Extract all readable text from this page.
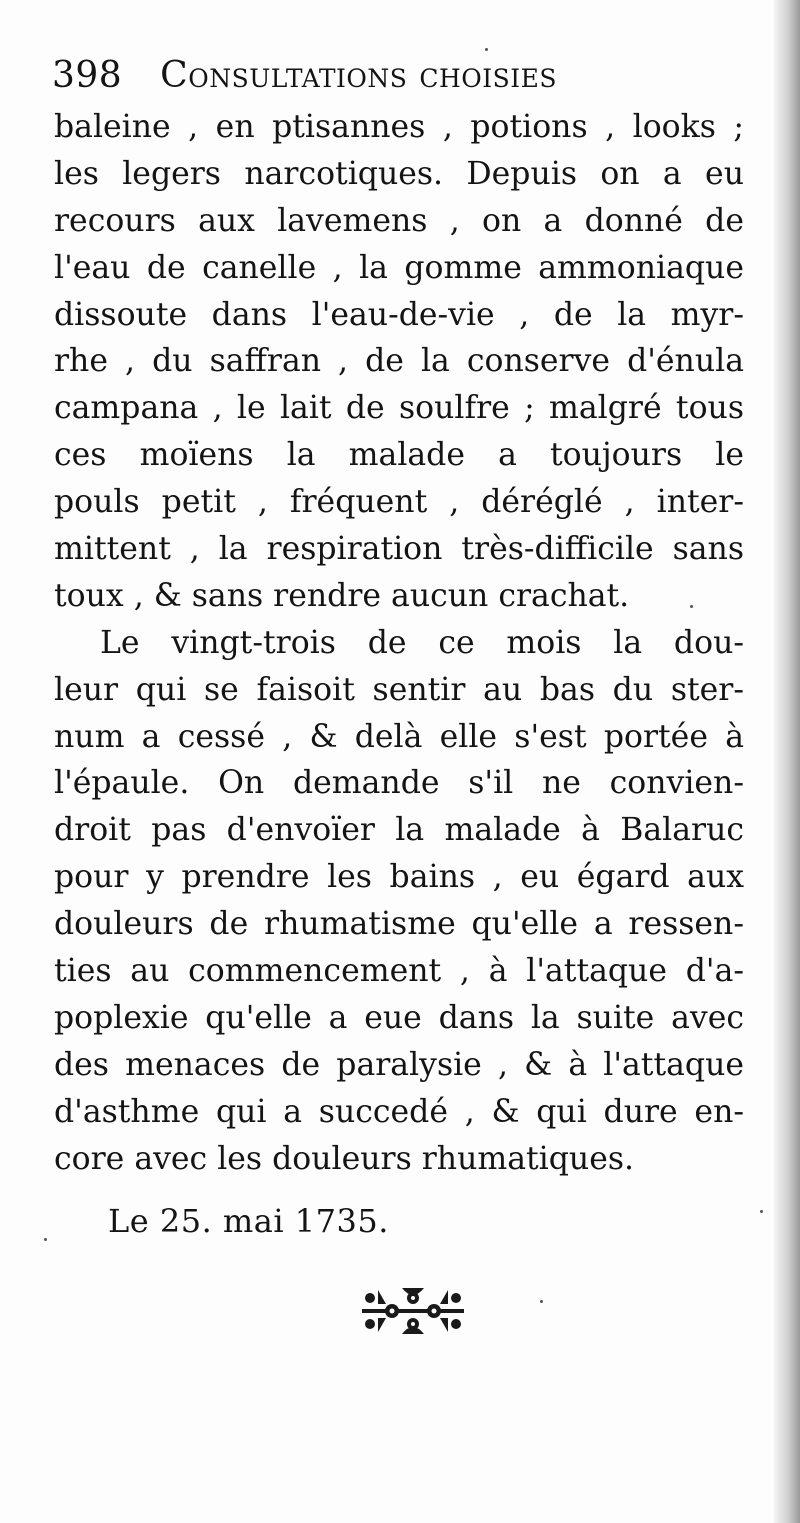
398 Consultations choisies
baleine , en ptisannes , potions , looks ;
les legers narcotiques. Depuis on a eu
recours aux lavemens , on a donné de
l'eau de canelle , la gomme ammoniaque
dissoute dans l'eau-de-vie , de la myr-
rhe , du saffran , de la conserve d'énula
campana , le lait de soulfre ; malgré tous
ces moïens la malade a toujours le
pouls petit , fréquent , déréglé , inter-
mittent , la respiration très-difficile sans
toux , & sans rendre aucun crachat.
Le vingt-trois de ce mois la dou-
leur qui se faisoit sentir au bas du ster-
num a cessé , & delà elle s'est portée à
l'épaule. On demande s'il ne convien-
droit pas d'envoïer la malade à Balaruc
pour y prendre les bains , eu égard aux
douleurs de rhumatisme qu'elle a ressen-
ties au commencement , à l'attaque d'a-
poplexie qu'elle a eue dans la suite avec
des menaces de paralysie , & à l'attaque
d'asthme qui a succedé , & qui dure en-
core avec les douleurs rhumatiques.
Le 25. mai 1735.
